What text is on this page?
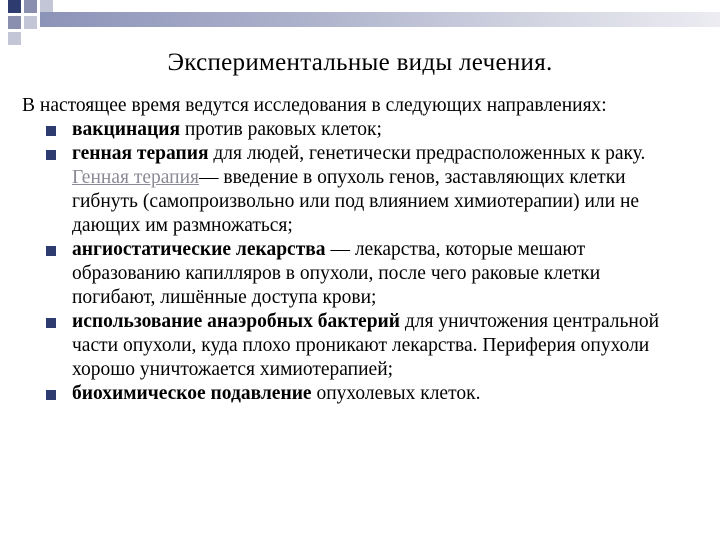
Экспериментальные виды лечения.

В настоящее время ведутся исследования в следующих направлениях:

вакцинация против раковых клеток;

генная терапия для людей, генетически предрасположенных к раку. Генная терапия— введение в опухоль генов, заставляющих клетки гибнуть (самопроизвольно или под влиянием химиотерапии) или не дающих им размножаться;

ангиостатические лекарства — лекарства, которые мешают образованию капилляров в опухоли, после чего раковые клетки погибают, лишённые доступа крови;

использование анаэробных бактерий для уничтожения центральной части опухоли, куда плохо проникают лекарства. Периферия опухоли хорошо уничтожается химиотерапией;

биохимическое подавление опухолевых клеток.
